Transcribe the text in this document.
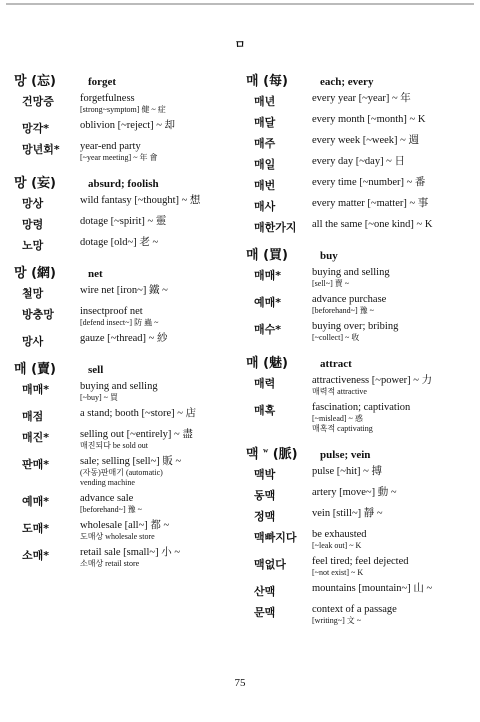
ㅁ
망 (忘)	forget
건망증	forgetfulness
[strong~symptom] 健 ~ 症
망각*	oblivion [~reject] ~ 却
망년회*	year-end party
[~year meeting] ~ 年 會
망 (妄)	absurd; foolish
망상	wild fantasy [~thought] ~ 想
망령	dotage [~spirit] ~ 靈
노망	dotage [old~] 老 ~
망 (網)	net
철망	wire net [iron~] 鐵 ~
방충망	insectproof net
[defend insect~] 防 蟲 ~
망사	gauze [~thread] ~ 紗
매 (賣)	sell
매매*	buying and selling
[~buy] ~ 買
매점	a stand; booth [~store] ~ 店
매진*	selling out [~entirely] ~ 盡
매진되다 be sold out
판매*	sale; selling [sell~] 販 ~
(자동)판매기 (automatic)
vending machine
예매*	advance sale
[beforehand~] 豫 ~
도매*	wholesale [all~] 都 ~
도매상 wholesale store
소매*	retail sale [small~] 小 ~
소매상 retail store
매 (每)	each; every
매년	every year [~year] ~ 年
매달	every month [~month] ~ K
매주	every week [~week] ~ 週
매일	every day [~day] ~ 日
매번	every time [~number] ~ 番
매사	every matter [~matter] ~ 事
매한가지	all the same [~one kind] ~ K
매 (買)	buy
매매*	buying and selling
[sell~] 賣 ~
예매*	advance purchase
[beforehand~] 豫 ~
매수*	buying over; bribing
[~collect] ~ 收
매 (魅)	attract
매력	attractiveness [~power] ~ 力
매력적 attractive
매혹	fascination; captivation
[~mislead] ~ 惑
매혹적 captivating
맥 $^w$ (脈)	pulse; vein
맥박	pulse [~hit] ~ 搏
동맥	artery [move~] 動 ~
정맥	vein [still~] 靜 ~
맥빠지다	be exhausted
[~leak out] ~ K
맥없다	feel tired; feel dejected
[~not exist] ~ K
산맥	mountains [mountain~] 山 ~
문맥	context of a passage
[writing~] 文 ~
75
